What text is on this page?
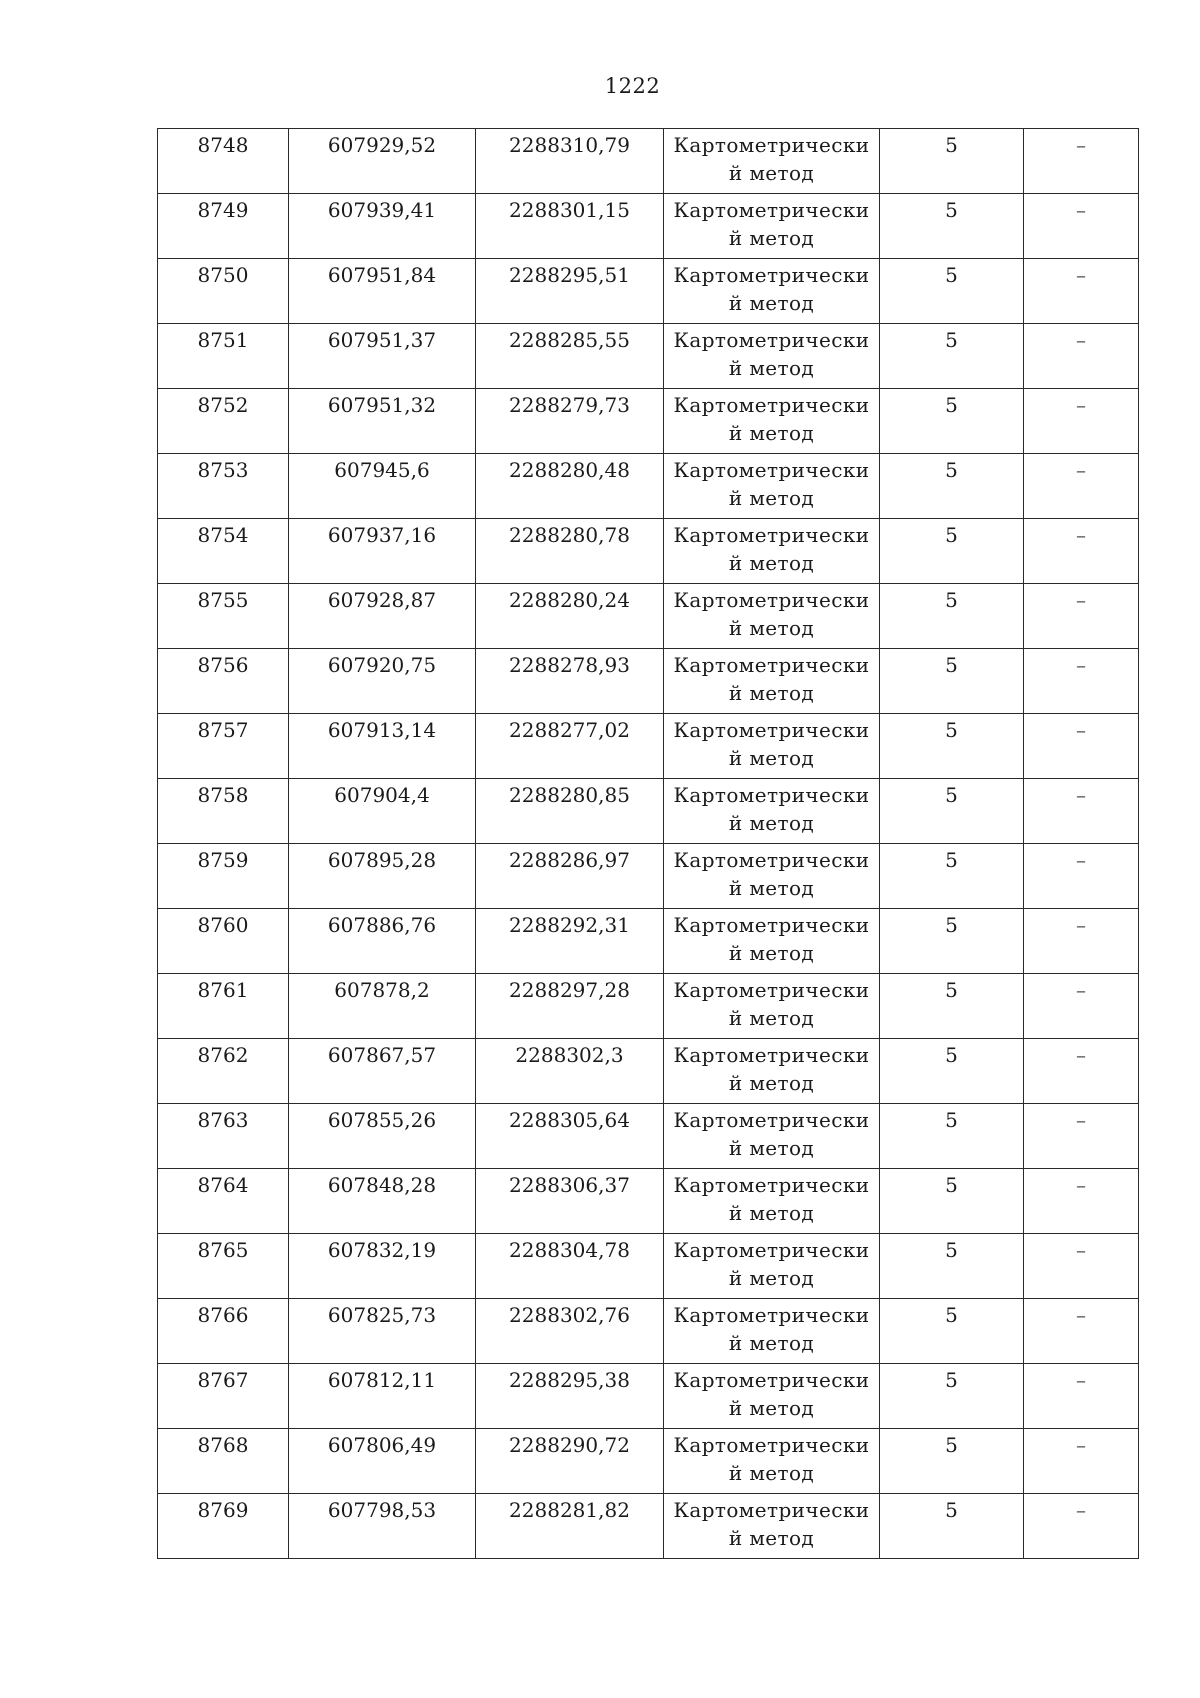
1222
8748	607929,52	2288310,79	Картометрически й метод	5	–
8749	607939,41	2288301,15	Картометрически й метод	5	–
8750	607951,84	2288295,51	Картометрически й метод	5	–
8751	607951,37	2288285,55	Картометрически й метод	5	–
8752	607951,32	2288279,73	Картометрически й метод	5	–
8753	607945,6	2288280,48	Картометрически й метод	5	–
8754	607937,16	2288280,78	Картометрически й метод	5	–
8755	607928,87	2288280,24	Картометрически й метод	5	–
8756	607920,75	2288278,93	Картометрически й метод	5	–
8757	607913,14	2288277,02	Картометрически й метод	5	–
8758	607904,4	2288280,85	Картометрически й метод	5	–
8759	607895,28	2288286,97	Картометрически й метод	5	–
8760	607886,76	2288292,31	Картометрически й метод	5	–
8761	607878,2	2288297,28	Картометрически й метод	5	–
8762	607867,57	2288302,3	Картометрически й метод	5	–
8763	607855,26	2288305,64	Картометрически й метод	5	–
8764	607848,28	2288306,37	Картометрически й метод	5	–
8765	607832,19	2288304,78	Картометрически й метод	5	–
8766	607825,73	2288302,76	Картометрически й метод	5	–
8767	607812,11	2288295,38	Картометрически й метод	5	–
8768	607806,49	2288290,72	Картометрически й метод	5	–
8769	607798,53	2288281,82	Картометрически й метод	5	–
